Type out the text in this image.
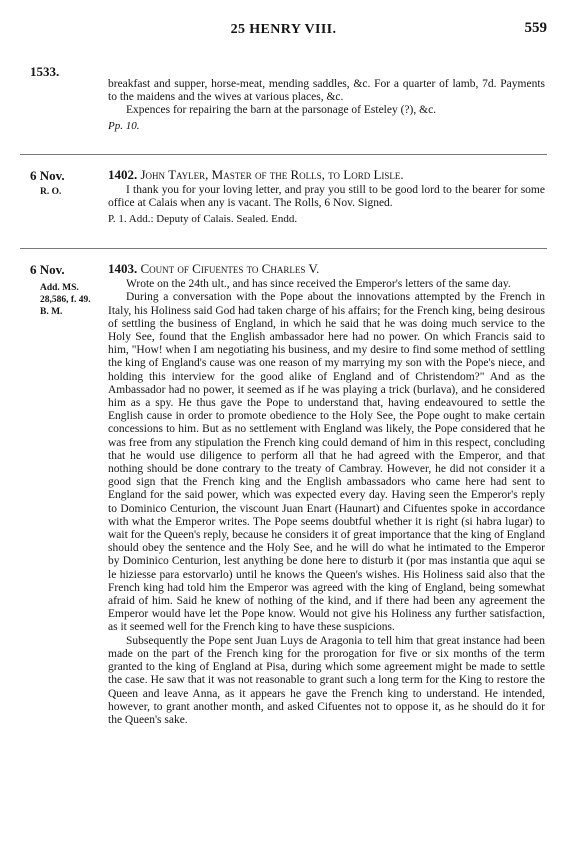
25 HENRY VIII.	559
1533.

breakfast and supper, horse-meat, mending saddles, &c. For a quarter of lamb, 7d. Payments to the maidens and the wives at various places, &c.

Expences for repairing the barn at the parsonage of Esteley (?), &c.

Pp. 10.
6 Nov.
R. O.
1402. John Tayler, Master of the Rolls, to Lord Lisle.

I thank you for your loving letter, and pray you still to be good lord to the bearer for some office at Calais when any is vacant. The Rolls, 6 Nov. Signed.

P. 1. Add.: Deputy of Calais. Sealed. Endd.
6 Nov.
Add. MS.
28,586, f. 49.
B. M.
1403. Count of Cifuentes to Charles V.

Wrote on the 24th ult., and has since received the Emperor's letters of the same day.

During a conversation with the Pope about the innovations attempted by the French in Italy, his Holiness said God had taken charge of his affairs; for the French king, being desirous of settling the business of England, in which he said that he was doing much service to the Holy See, found that the English ambassador here had no power. On which Francis said to him, "How! when I am negotiating his business, and my desire to find some method of settling the king of England's cause was one reason of my marrying my son with the Pope's niece, and holding this interview for the good alike of England and of Christendom?" And as the Ambassador had no power, it seemed as if he was playing a trick (burlava), and he considered him as a spy. He thus gave the Pope to understand that, having endeavoured to settle the English cause in order to promote obedience to the Holy See, the Pope ought to make certain concessions to him. But as no settlement with England was likely, the Pope considered that he was free from any stipulation the French king could demand of him in this respect, concluding that he would use diligence to perform all that he had agreed with the Emperor, and that nothing should be done contrary to the treaty of Cambray. However, he did not consider it a good sign that the French king and the English ambassadors who came here had sent to England for the said power, which was expected every day. Having seen the Emperor's reply to Dominico Centurion, the viscount Juan Enart (Haunart) and Cifuentes spoke in accordance with what the Emperor writes. The Pope seems doubtful whether it is right (si habra lugar) to wait for the Queen's reply, because he considers it of great importance that the king of England should obey the sentence and the Holy See, and he will do what he intimated to the Emperor by Dominico Centurion, lest anything be done here to disturb it (por mas instantia que aqui se le hiziesse para estorvarlo) until he knows the Queen's wishes. His Holiness said also that the French king had told him the Emperor was agreed with the king of England, being somewhat afraid of him. Said he knew of nothing of the kind, and if there had been any agreement the Emperor would have let the Pope know. Would not give his Holiness any further satisfaction, as it seemed well for the French king to have these suspicions.

Subsequently the Pope sent Juan Luys de Aragonia to tell him that great instance had been made on the part of the French king for the prorogation for five or six months of the term granted to the king of England at Pisa, during which some agreement might be made to settle the case. He saw that it was not reasonable to grant such a long term for the King to restore the Queen and leave Anna, as it appears he gave the French king to understand. He intended, however, to grant another month, and asked Cifuentes not to oppose it, as he should do it for the Queen's sake.
